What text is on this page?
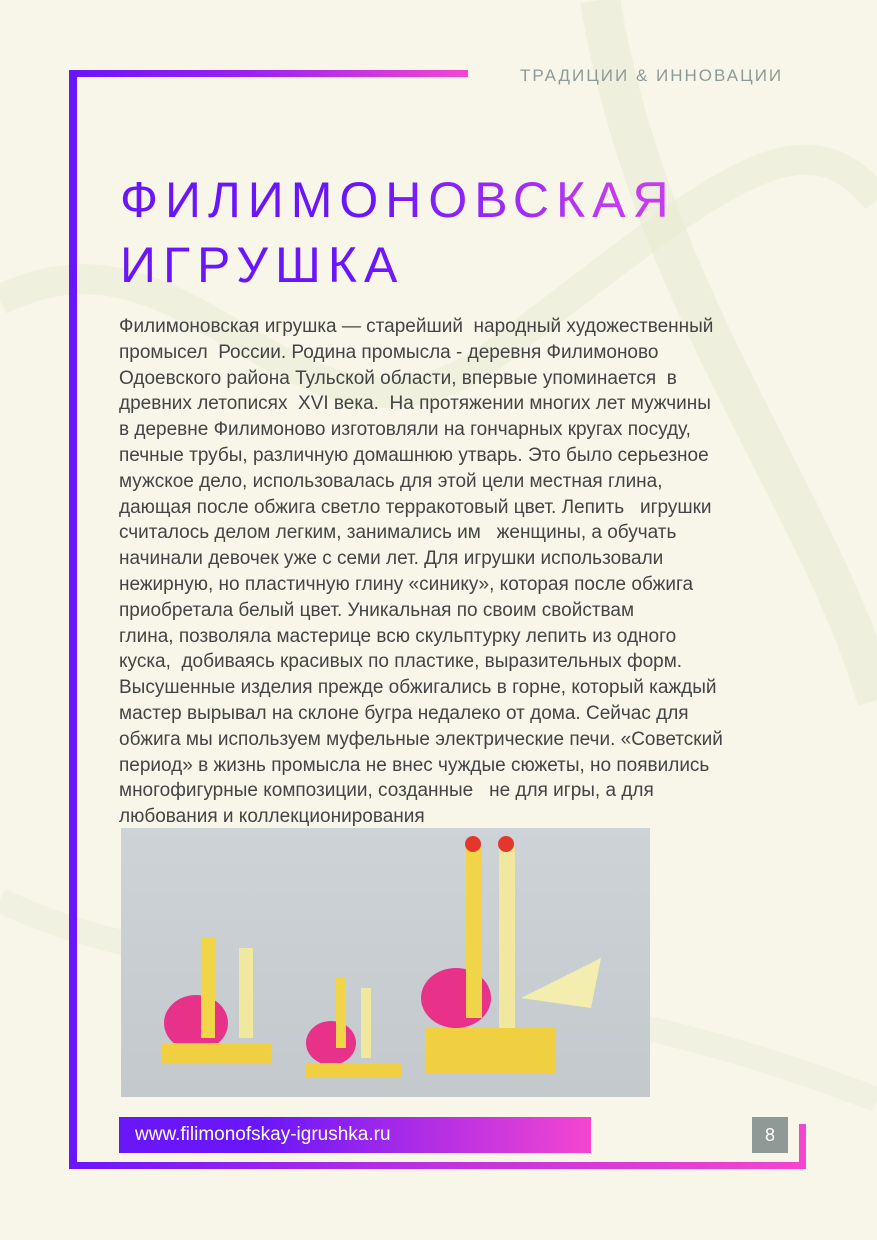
ТРАДИЦИИ & ИННОВАЦИИ
ФИЛИМОНОВСКАЯ
ИГРУШКА
Филимоновская игрушка — старейший  народный художественный
промысел  России. Родина промысла - деревня Филимоново
Одоевского района Тульской области, впервые упоминается  в
древних летописях  XVI века.  На протяжении многих лет мужчины
в деревне Филимоново изготовляли на гончарных кругах посуду,
печные трубы, различную домашнюю утварь. Это было серьезное
мужское дело, использовалась для этой цели местная глина,
дающая после обжига светло терракотовый цвет. Лепить   игрушки
считалось делом легким, занимались им   женщины, а обучать
начинали девочек уже с семи лет. Для игрушки использовали
нежирную, но пластичную глину «синику», которая после обжига
приобретала белый цвет. Уникальная по своим свойствам
глина, позволяла мастерице всю скульптурку лепить из одного
куска,  добиваясь красивых по пластике, выразительных форм.
Высушенные изделия прежде обжигались в горне, который каждый
мастер вырывал на склоне бугра недалеко от дома. Сейчас для
обжига мы используем муфельные электрические печи. «Советский
период» в жизнь промысла не внес чуждые сюжеты, но появились
многофигурные композиции, созданные   не для игры, а для
любования и коллекционирования
www.filimonofskay-igrushka.ru	8
